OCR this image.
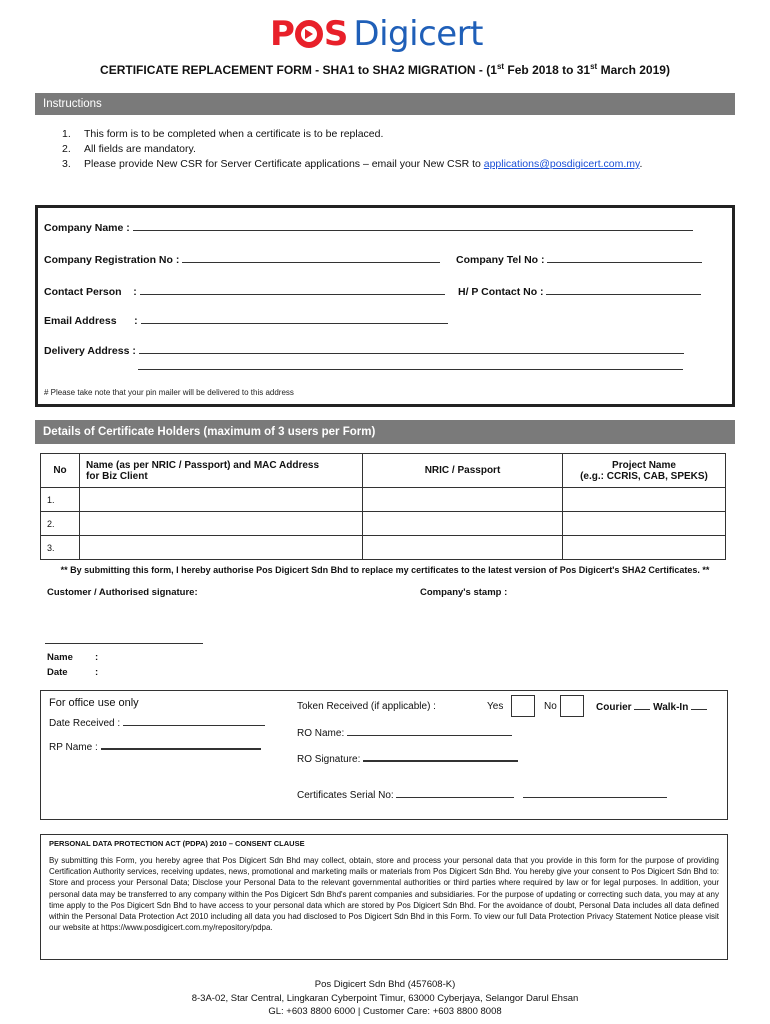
P S Digicert
CERTIFICATE REPLACEMENT FORM - SHA1 to SHA2 MIGRATION - (1st Feb 2018 to 31st March 2019)
Instructions
1.	This form is to be completed when a certificate is to be replaced.
2.	All fields are mandatory.
3.	Please provide New CSR for Server Certificate applications – email your New CSR to applications@posdigicert.com.my.
Company Name :
Company Registration No :	Company Tel No :
Contact Person :	H/ P Contact No :
Email Address :
Delivery Address :
# Please take note that your pin mailer will be delivered to this address
Details of Certificate Holders (maximum of 3 users per Form)
No	Name (as per NRIC / Passport) and MAC Address
for Biz Client	NRIC / Passport	Project Name
(e.g.: CCRIS, CAB, SPEKS)
1.			
2.			
3.			
** By submitting this form, I hereby authorise Pos Digicert Sdn Bhd to replace my certificates to the latest version of Pos Digicert's SHA2 Certificates. **
Customer / Authorised signature:	Company's stamp :
Name :
Date	:
For office use only
Date Received :
RP Name :
Token Received (if applicable) :	Yes	No	Courier  Walk-In
RO Name:
RO Signature:
Certificates Serial No:
PERSONAL DATA PROTECTION ACT (PDPA) 2010 – CONSENT CLAUSE
By submitting this Form, you hereby agree that Pos Digicert Sdn Bhd may collect, obtain, store and process your personal data that you provide in this form for the purpose of providing Certification Authority services, receiving updates, news, promotional and marketing mails or materials from Pos Digicert Sdn Bhd. You hereby give your consent to Pos Digicert Sdn Bhd to: Store and process your Personal Data; Disclose your Personal Data to the relevant governmental authorities or third parties where required by law or for legal purposes. In addition, your personal data may be transferred to any company within the Pos Digicert Sdn Bhd's parent companies and subsidiaries. For the purpose of updating or correcting such data, you may at any time apply to the Pos Digicert Sdn Bhd to have access to your personal data which are stored by Pos Digicert Sdn Bhd. For the avoidance of doubt, Personal Data includes all data defined within the Personal Data Protection Act 2010 including all data you had disclosed to Pos Digicert Sdn Bhd in this Form. To view our full Data Protection Privacy Statement Notice please visit our website at https://www.posdigicert.com.my/repository/pdpa.
Pos Digicert Sdn Bhd (457608-K)
8-3A-02, Star Central, Lingkaran Cyberpoint Timur, 63000 Cyberjaya, Selangor Darul Ehsan
GL: +603 8800 6000 | Customer Care: +603 8800 8008
